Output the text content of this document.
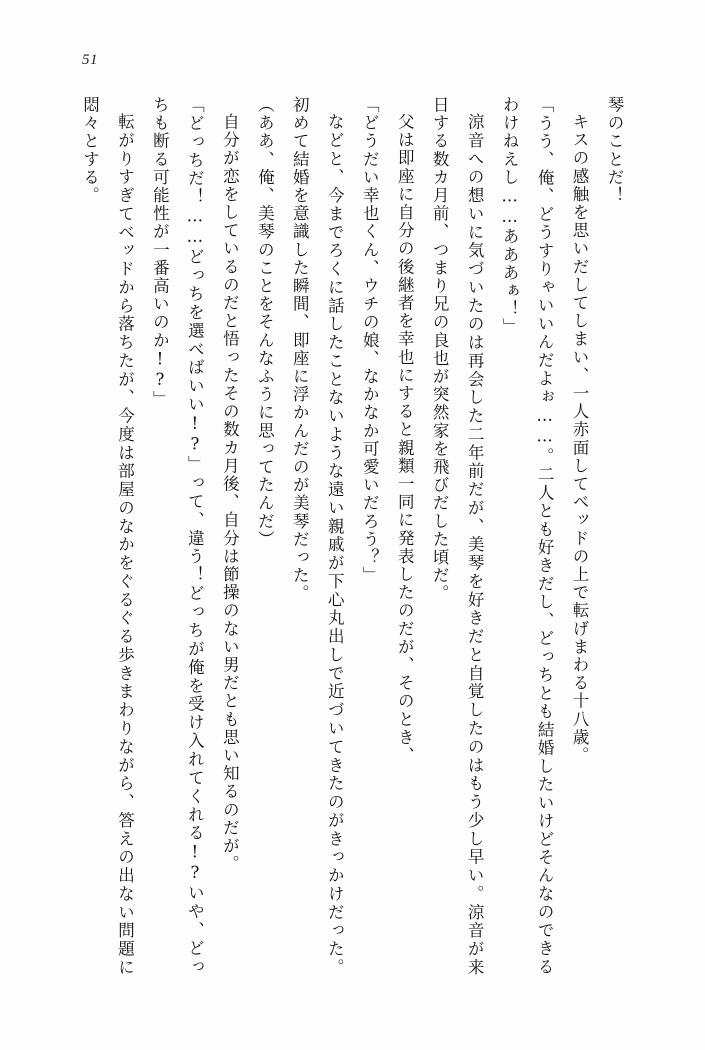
51

琴のことだ！

キスの感触を思いだしてしまい、一人赤面してベッドの上で転げまわる十八歳。

「うう、俺、どうすりゃいいんだよぉ……。二人とも好きだし、どっちとも結婚したいけどそんなのできるわけねえし……あああぁ！」

涼音への想いに気づいたのは再会した二年前だが、美琴を好きだと自覚したのはもう少し早い。涼音が来日する数カ月前、つまり兄の良也が突然家を飛びだした頃だ。

父は即座に自分の後継者を幸也にすると親類一同に発表したのだが、そのとき、

「どうだい幸也くん、ウチの娘、なかなか可愛いだろう？」

などと、今までろくに話したことないような遠い親戚が下心丸出しで近づいてきたのがきっかけだった。初めて結婚を意識した瞬間、即座に浮かんだのが美琴だった。

（ああ、俺、美琴のことをそんなふうに思ってたんだ）

自分が恋をしているのだと悟ったその数カ月後、自分は節操のない男だとも思い知るのだが。

「どっちだ！……どっちを選べばいい!?」って、違う！どっちが俺を受け入れてくれる!?いや、どっちも断る可能性が一番高いのか!?」

転がりすぎてベッドから落ちたが、今度は部屋のなかをぐるぐる歩きまわりながら、答えの出ない問題に悶々とする。
